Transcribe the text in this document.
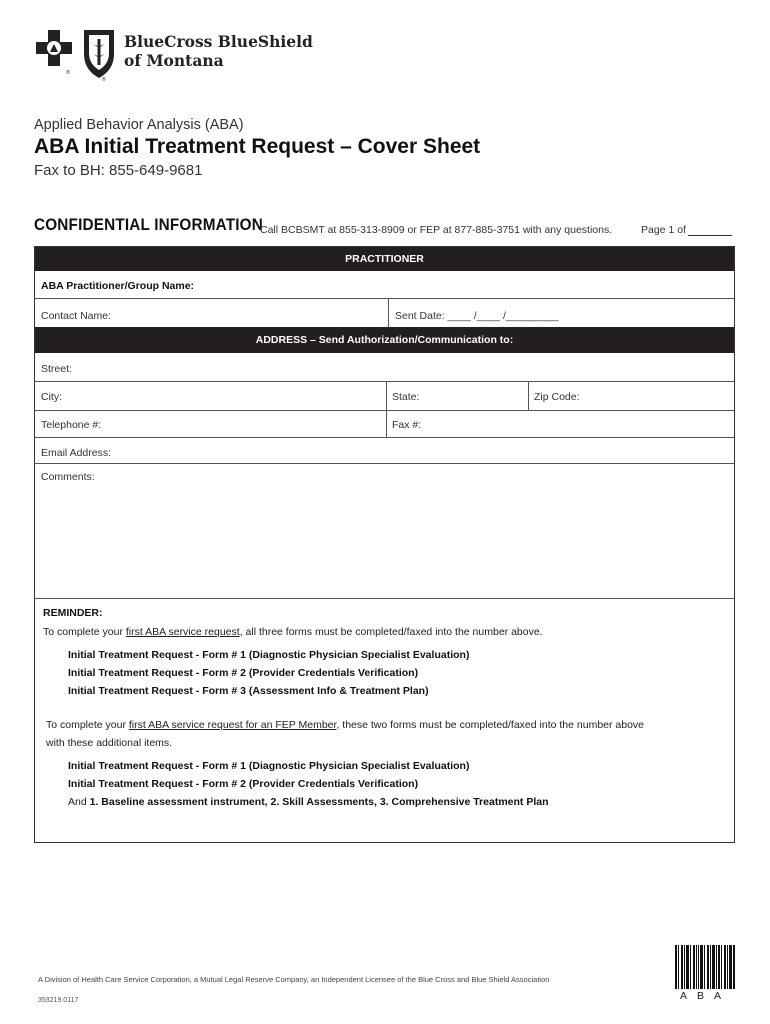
®
®
BlueCross BlueShield
of Montana
Applied Behavior Analysis (ABA)
ABA Initial Treatment Request – Cover Sheet
Fax to BH: 855-649-9681
CONFIDENTIAL INFORMATION
Call BCBSMT at 855-313-8909 or FEP at 877-885-3751 with any questions.	Page 1 of
PRACTITIONER
ABA Practitioner/Group Name:
Contact Name:	Sent Date: ____ /____ /_________
ADDRESS – Send Authorization/Communication to:
Street:
City:	State:	Zip Code:
Telephone #:	Fax #:
Email Address:
Comments:
REMINDER:
To complete your first ABA service request, all three forms must be completed/faxed into the number above.
Initial Treatment Request - Form # 1 (Diagnostic Physician Specialist Evaluation)
Initial Treatment Request - Form # 2 (Provider Credentials Verification)
Initial Treatment Request - Form # 3 (Assessment Info & Treatment Plan)
To complete your first ABA service request for an FEP Member, these two forms must be completed/faxed into the number above
with these additional items.
Initial Treatment Request - Form # 1 (Diagnostic Physician Specialist Evaluation)
Initial Treatment Request - Form # 2 (Provider Credentials Verification)
And 1. Baseline assessment instrument, 2. Skill Assessments, 3. Comprehensive Treatment Plan
A Division of Health Care Service Corporation, a Mutual Legal Reserve Company, an Independent Licensee of the Blue Cross and Blue Shield Association
353219.0117	ABA
